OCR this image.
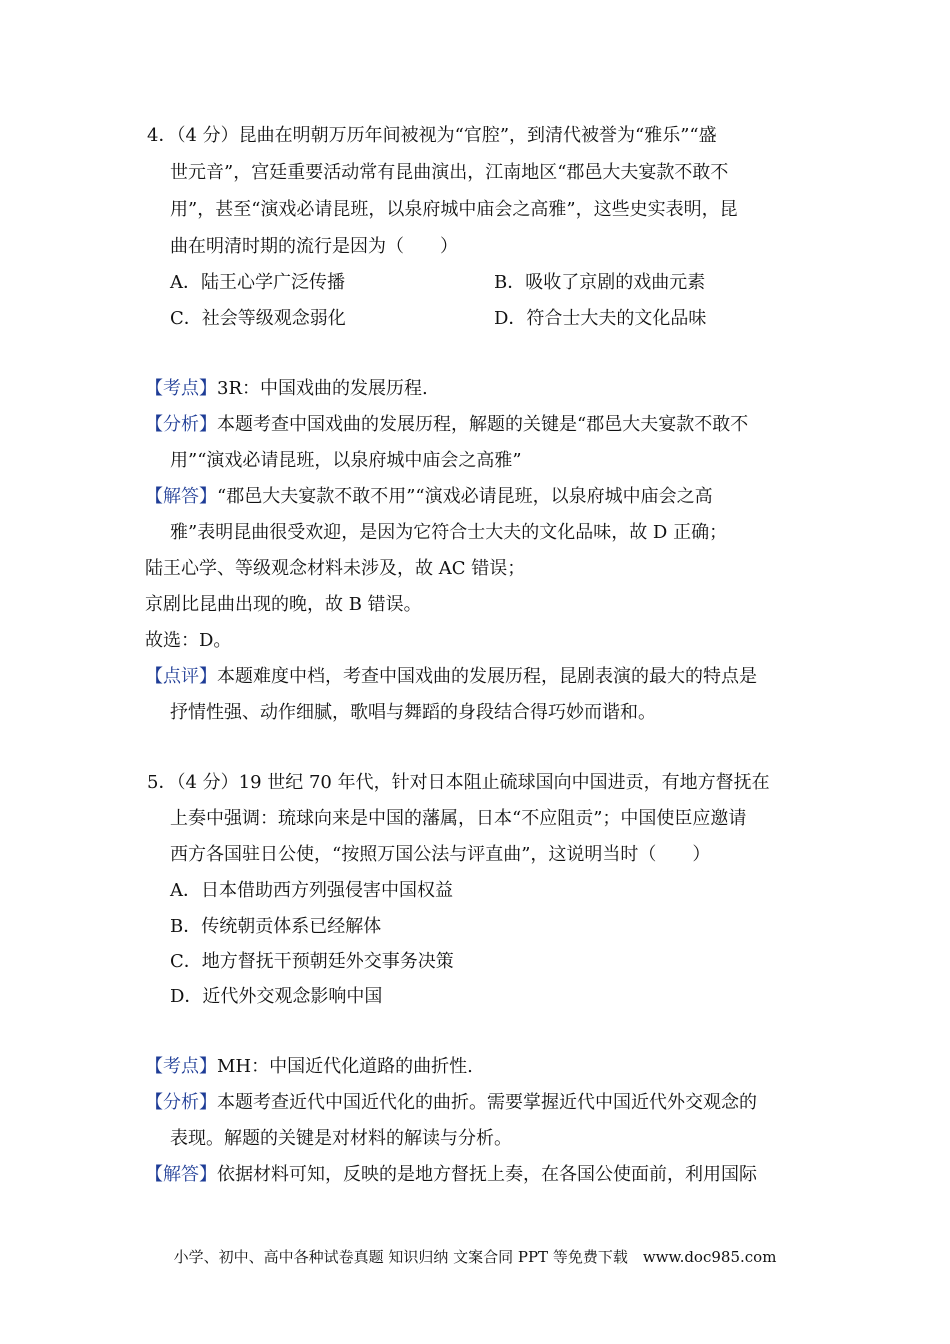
4．（4 分）昆曲在明朝万历年间被视为“官腔”，到清代被誉为“雅乐”“盛
世元音”，宫廷重要活动常有昆曲演出，江南地区“郡邑大夫宴款不敢不
用”，甚至“演戏必请昆班，以泉府城中庙会之高雅”，这些史实表明，昆
曲在明清时期的流行是因为（　　）
A．陆王心学广泛传播	B．吸收了京剧的戏曲元素
C．社会等级观念弱化	D．符合士大夫的文化品味
【考点】3R：中国戏曲的发展历程.
【分析】本题考查中国戏曲的发展历程，解题的关键是“郡邑大夫宴款不敢不
用”“演戏必请昆班，以泉府城中庙会之高雅”
【解答】“郡邑大夫宴款不敢不用”“演戏必请昆班，以泉府城中庙会之高
雅”表明昆曲很受欢迎，是因为它符合士大夫的文化品味，故 D 正确；
陆王心学、等级观念材料未涉及，故 AC 错误；
京剧比昆曲出现的晚，故 B 错误。
故选：D。
【点评】本题难度中档，考查中国戏曲的发展历程，昆剧表演的最大的特点是
抒情性强、动作细腻，歌唱与舞蹈的身段结合得巧妙而谐和。
5．（4 分）19 世纪 70 年代，针对日本阻止硫球国向中国进贡，有地方督抚在
上奏中强调：琉球向来是中国的藩属，日本“不应阻贡”；中国使臣应邀请
西方各国驻日公使，“按照万国公法与评直曲”，这说明当时（　　）
A．日本借助西方列强侵害中国权益
B．传统朝贡体系已经解体
C．地方督抚干预朝廷外交事务决策
D．近代外交观念影响中国
【考点】MH：中国近代化道路的曲折性.
【分析】本题考查近代中国近代化的曲折。需要掌握近代中国近代外交观念的
表现。解题的关键是对材料的解读与分析。
【解答】依据材料可知，反映的是地方督抚上奏，在各国公使面前，利用国际
小学、初中、高中各种试卷真题 知识归纳 文案合同 PPT 等免费下载　www.doc985.com
